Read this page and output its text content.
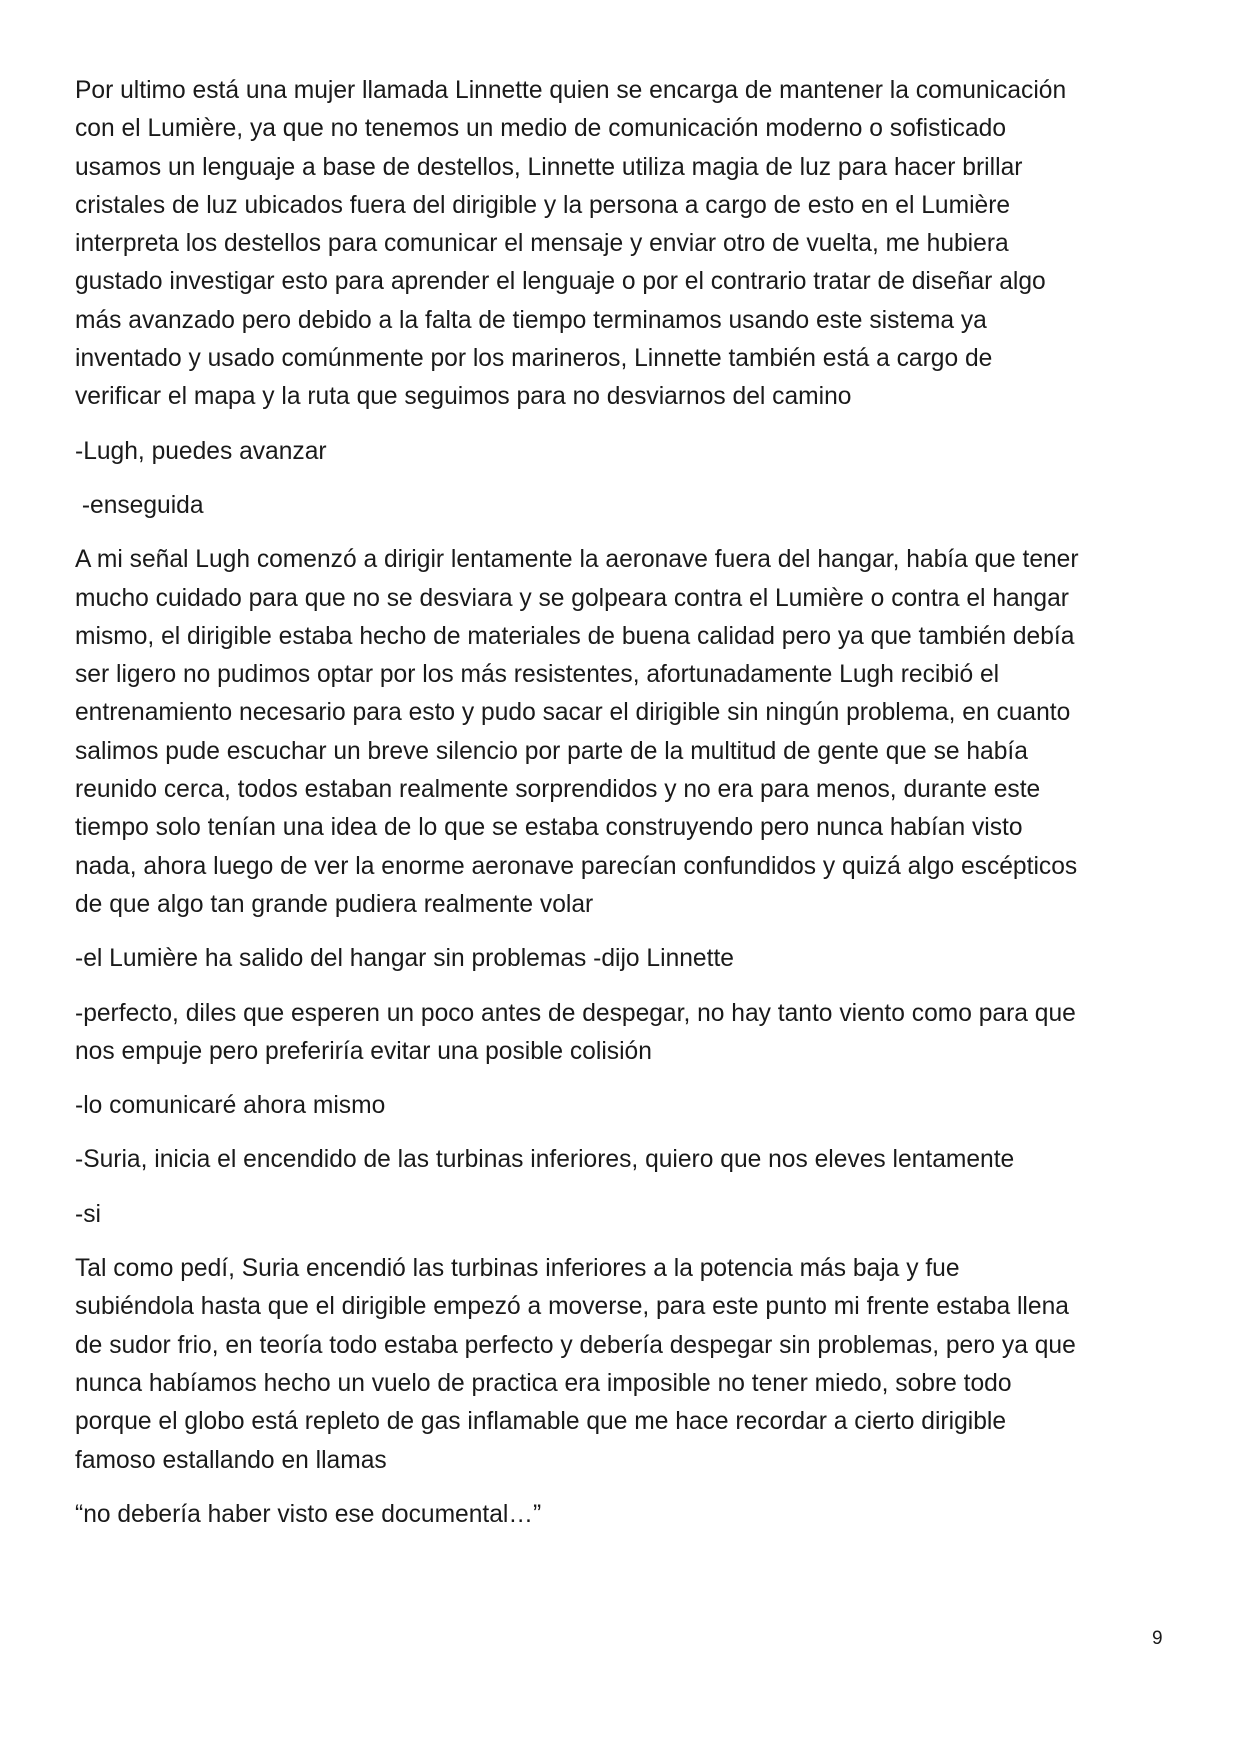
Por ultimo está una mujer llamada Linnette quien se encarga de mantener la comunicación
con el Lumière, ya que no tenemos un medio de comunicación moderno o sofisticado
usamos un lenguaje a base de destellos, Linnette utiliza magia de luz para hacer brillar
cristales de luz ubicados fuera del dirigible y la persona a cargo de esto en el Lumière
interpreta los destellos para comunicar el mensaje y enviar otro de vuelta, me hubiera
gustado investigar esto para aprender el lenguaje o por el contrario tratar de diseñar algo
más avanzado pero debido a la falta de tiempo terminamos usando este sistema ya
inventado y usado comúnmente por los marineros, Linnette también está a cargo de
verificar el mapa y la ruta que seguimos para no desviarnos del camino

-Lugh, puedes avanzar

-enseguida

A mi señal Lugh comenzó a dirigir lentamente la aeronave fuera del hangar, había que tener
mucho cuidado para que no se desviara y se golpeara contra el Lumière o contra el hangar
mismo, el dirigible estaba hecho de materiales de buena calidad pero ya que también debía
ser ligero no pudimos optar por los más resistentes, afortunadamente Lugh recibió el
entrenamiento necesario para esto y pudo sacar el dirigible sin ningún problema, en cuanto
salimos pude escuchar un breve silencio por parte de la multitud de gente que se había
reunido cerca, todos estaban realmente sorprendidos y no era para menos, durante este
tiempo solo tenían una idea de lo que se estaba construyendo pero nunca habían visto
nada, ahora luego de ver la enorme aeronave parecían confundidos y quizá algo escépticos
de que algo tan grande pudiera realmente volar

-el Lumière ha salido del hangar sin problemas -dijo Linnette

-perfecto, diles que esperen un poco antes de despegar, no hay tanto viento como para que
nos empuje pero preferiría evitar una posible colisión

-lo comunicaré ahora mismo

-Suria, inicia el encendido de las turbinas inferiores, quiero que nos eleves lentamente

-si

Tal como pedí, Suria encendió las turbinas inferiores a la potencia más baja y fue
subiéndola hasta que el dirigible empezó a moverse, para este punto mi frente estaba llena
de sudor frio, en teoría todo estaba perfecto y debería despegar sin problemas, pero ya que
nunca habíamos hecho un vuelo de practica era imposible no tener miedo, sobre todo
porque el globo está repleto de gas inflamable que me hace recordar a cierto dirigible
famoso estallando en llamas

“no debería haber visto ese documental…”

9
